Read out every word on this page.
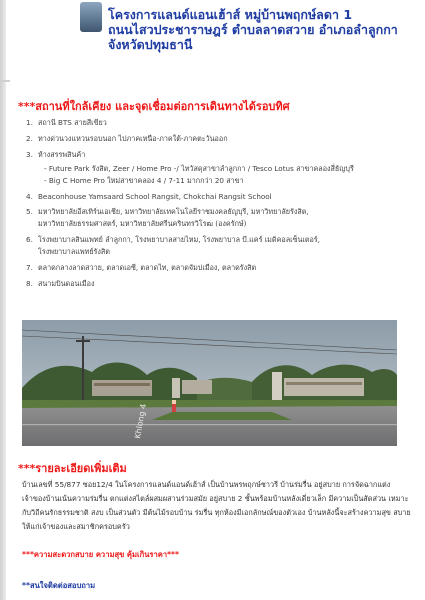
โครงการแลนด์แอนเฮ้าส์ หมู่บ้านพฤกษ์ลดา 1
ถนนไสวประชาราษฎร์ ตำบลลาดสวาย อำเภอลำลูกกา
จังหวัดปทุมธานี
***สถานที่ใกล้เคียง และจุดเชื่อมต่อการเดินทางได้รอบทิศ
1. สถานี BTS สายสีเขียว
2. ทางด่วนวงแหวนรอบนอก ไปภาคเหนือ-ภาคใต้-ภาคตะวันออก
3. ห้างสรรพสินค้า
- Future Park รังสิต, Zeer / Home Pro -/ ไทวัสดุสาขาลำลูกกา / Tesco Lotus สาขาคลองสี่ธัญบุรี
- Big C Home Pro ใหม่สาขาคลอง 4 / 7-11 มากกว่า 20 สาขา
4. Beaconhouse Yamsaard School Rangsit, Chokchai Rangsit School
5. มหาวิทยาลัยอีสเทิร์นเอเชีย, มหาวิทยาลัยเทคโนโลยีราชมงคลธัญบุรี, มหาวิทยาลัยรังสิต,
มหาวิทยาลัยธรรมศาสตร์, มหาวิทยาลัยศรีนครินทรวิโรฒ (องครักษ์)
6. โรงพยาบาลสินแพทย์ ลำลูกกา, โรงพยาบาลสายไหม, โรงพยาบาล บี.แคร์ เมดิคอลเซ็นเตอร์,
โรงพยาบาลแพทย์รังสิต
7. ตลาดกลางลาดสวาย, ตลาดเอซี, ตลาดไท, ตลาดจัมปเมือง, ตลาดรังสิต
8. สนามบินดอนเมือง
Khlong 4
***รายละเอียดเพิ่มเติม
บ้านเลขที่ 55/877 ซอย12/4 ในโครงการแลนด์แอนด์เฮ้าส์ เป็นบ้านพรพฤกษ์ชาวรี บ้านร่มรื่น อยู่สบาย การจัดฉากแต่งเจ้าของบ้านเน้นความร่มรื่น ตกแต่งสไตล์ผสมผสานร่วมสมัย อยู่สบาย 2 ชั้นพร้อมบ้านหลังเดี่ยวเล็ก มีความเป็นสัดส่วน เหมาะกับวิถีคนรักธรรมชาติ สงบ เป็นส่วนตัว มีต้นไม้รอบบ้าน ร่มรื่น ทุกห้องมีเอกลักษณ์ของตัวเอง บ้านหลังนี้จะสร้างความสุข สบายให้แก่เจ้าของและสมาชิกครอบครัว
***ความสะดวกสบาย ความสุข คุ้มเกินราคา***
**สนใจติดต่อสอบถาม
